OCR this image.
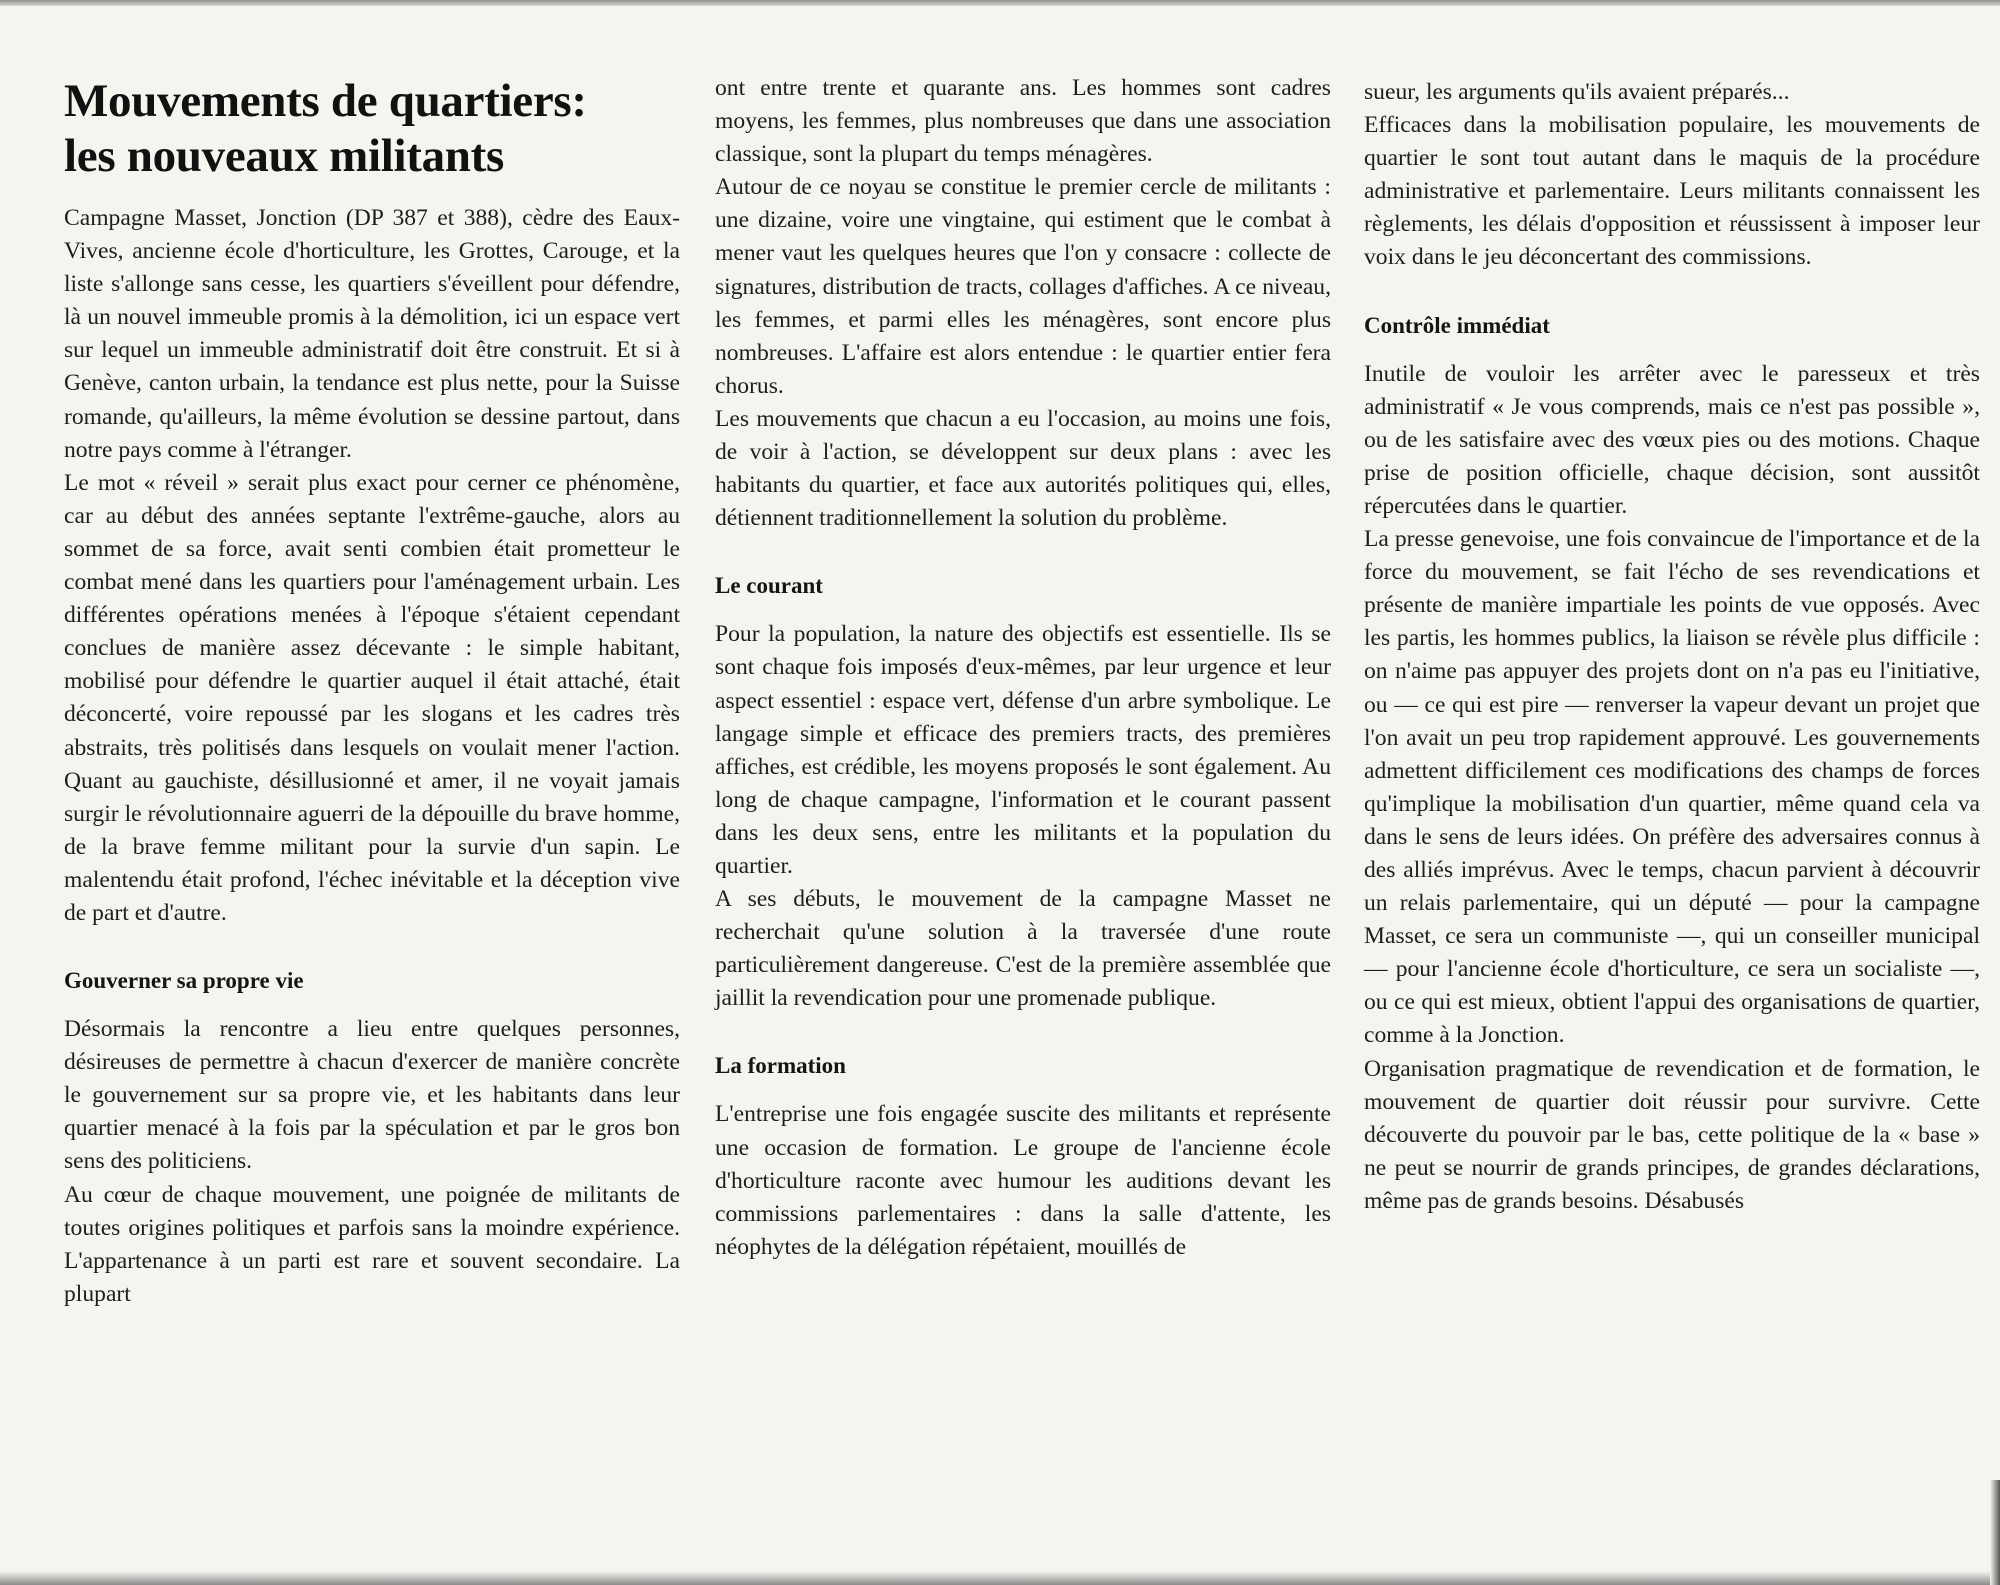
Mouvements de quartiers:
les nouveaux militants

Campagne Masset, Jonction (DP 387 et 388), cèdre des Eaux-Vives, ancienne école d'horticulture, les Grottes, Carouge, et la liste s'allonge sans cesse, les quartiers s'éveillent pour défendre, là un nouvel immeuble promis à la démolition, ici un espace vert sur lequel un immeuble administratif doit être construit. Et si à Genève, canton urbain, la tendance est plus nette, pour la Suisse romande, qu'ailleurs, la même évolution se dessine partout, dans notre pays comme à l'étranger.

Le mot « réveil » serait plus exact pour cerner ce phénomène, car au début des années septante l'extrême-gauche, alors au sommet de sa force, avait senti combien était prometteur le combat mené dans les quartiers pour l'aménagement urbain. Les différentes opérations menées à l'époque s'étaient cependant conclues de manière assez décevante : le simple habitant, mobilisé pour défendre le quartier auquel il était attaché, était déconcerté, voire repoussé par les slogans et les cadres très abstraits, très politisés dans lesquels on voulait mener l'action. Quant au gauchiste, désillusionné et amer, il ne voyait jamais surgir le révolutionnaire aguerri de la dépouille du brave homme, de la brave femme militant pour la survie d'un sapin. Le malentendu était profond, l'échec inévitable et la déception vive de part et d'autre.

Gouverner sa propre vie

Désormais la rencontre a lieu entre quelques personnes, désireuses de permettre à chacun d'exercer de manière concrète le gouvernement sur sa propre vie, et les habitants dans leur quartier menacé à la fois par la spéculation et par le gros bon sens des politiciens.

Au cœur de chaque mouvement, une poignée de militants de toutes origines politiques et parfois sans la moindre expérience. L'appartenance à un parti est rare et souvent secondaire. La plupart

ont entre trente et quarante ans. Les hommes sont cadres moyens, les femmes, plus nombreuses que dans une association classique, sont la plupart du temps ménagères.

Autour de ce noyau se constitue le premier cercle de militants : une dizaine, voire une vingtaine, qui estiment que le combat à mener vaut les quelques heures que l'on y consacre : collecte de signatures, distribution de tracts, collages d'affiches. A ce niveau, les femmes, et parmi elles les ménagères, sont encore plus nombreuses. L'affaire est alors entendue : le quartier entier fera chorus.

Les mouvements que chacun a eu l'occasion, au moins une fois, de voir à l'action, se développent sur deux plans : avec les habitants du quartier, et face aux autorités politiques qui, elles, détiennent traditionnellement la solution du problème.

Le courant

Pour la population, la nature des objectifs est essentielle. Ils se sont chaque fois imposés d'eux-mêmes, par leur urgence et leur aspect essentiel : espace vert, défense d'un arbre symbolique. Le langage simple et efficace des premiers tracts, des premières affiches, est crédible, les moyens proposés le sont également. Au long de chaque campagne, l'information et le courant passent dans les deux sens, entre les militants et la population du quartier.

A ses débuts, le mouvement de la campagne Masset ne recherchait qu'une solution à la traversée d'une route particulièrement dangereuse. C'est de la première assemblée que jaillit la revendication pour une promenade publique.

La formation

L'entreprise une fois engagée suscite des militants et représente une occasion de formation. Le groupe de l'ancienne école d'horticulture raconte avec humour les auditions devant les commissions parlementaires : dans la salle d'attente, les néophytes de la délégation répétaient, mouillés de

sueur, les arguments qu'ils avaient préparés...

Efficaces dans la mobilisation populaire, les mouvements de quartier le sont tout autant dans le maquis de la procédure administrative et parlementaire. Leurs militants connaissent les règlements, les délais d'opposition et réussissent à imposer leur voix dans le jeu déconcertant des commissions.

Contrôle immédiat

Inutile de vouloir les arrêter avec le paresseux et très administratif « Je vous comprends, mais ce n'est pas possible », ou de les satisfaire avec des vœux pies ou des motions. Chaque prise de position officielle, chaque décision, sont aussitôt répercutées dans le quartier.

La presse genevoise, une fois convaincue de l'importance et de la force du mouvement, se fait l'écho de ses revendications et présente de manière impartiale les points de vue opposés. Avec les partis, les hommes publics, la liaison se révèle plus difficile : on n'aime pas appuyer des projets dont on n'a pas eu l'initiative, ou — ce qui est pire — renverser la vapeur devant un projet que l'on avait un peu trop rapidement approuvé. Les gouvernements admettent difficilement ces modifications des champs de forces qu'implique la mobilisation d'un quartier, même quand cela va dans le sens de leurs idées. On préfère des adversaires connus à des alliés imprévus. Avec le temps, chacun parvient à découvrir un relais parlementaire, qui un député — pour la campagne Masset, ce sera un communiste —, qui un conseiller municipal — pour l'ancienne école d'horticulture, ce sera un socialiste —, ou ce qui est mieux, obtient l'appui des organisations de quartier, comme à la Jonction.

Organisation pragmatique de revendication et de formation, le mouvement de quartier doit réussir pour survivre. Cette découverte du pouvoir par le bas, cette politique de la « base » ne peut se nourrir de grands principes, de grandes déclarations, même pas de grands besoins. Désabusés
